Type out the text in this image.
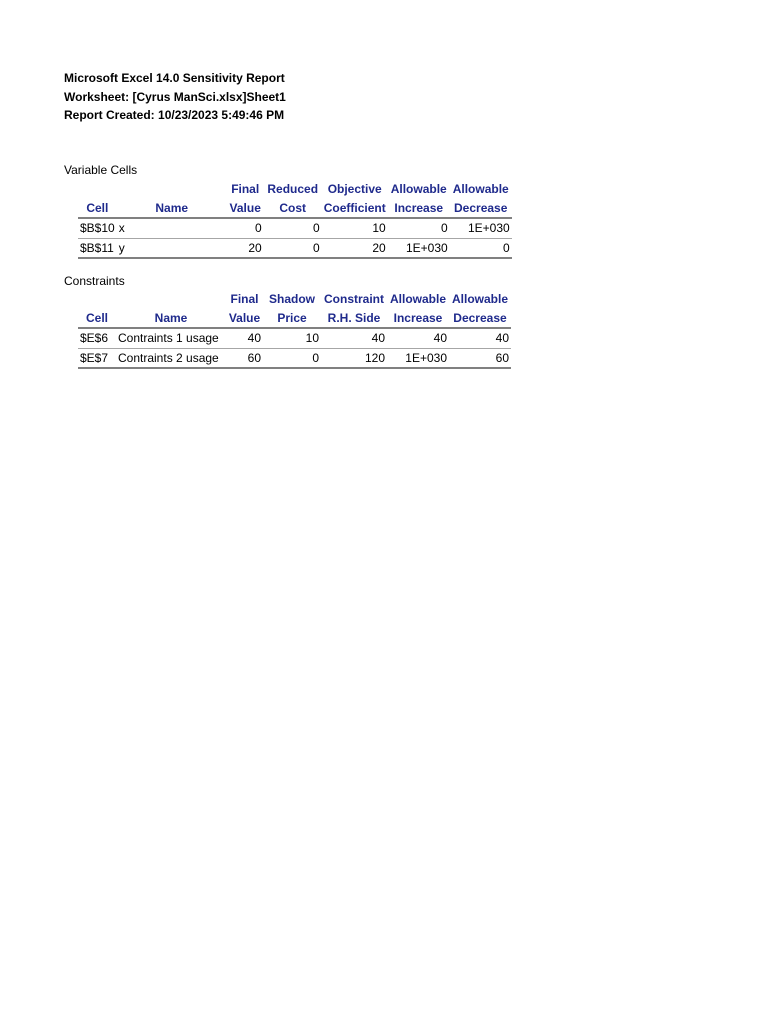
Microsoft Excel 14.0 Sensitivity Report
Worksheet: [Cyrus ManSci.xlsx]Sheet1
Report Created: 10/23/2023 5:49:46 PM
Variable Cells
		Final	Reduced	Objective	Allowable	Allowable
Cell	Name	Value	Cost	Coefficient	Increase	Decrease
$B$10	x	0	0	10	0	1E+030
$B$11	y	20	0	20	1E+030	0
Constraints
		Final	Shadow	Constraint	Allowable	Allowable
Cell	Name	Value	Price	R.H. Side	Increase	Decrease
$E$6	Contraints 1 usage	40	10	40	40	40
$E$7	Contraints 2 usage	60	0	120	1E+030	60
